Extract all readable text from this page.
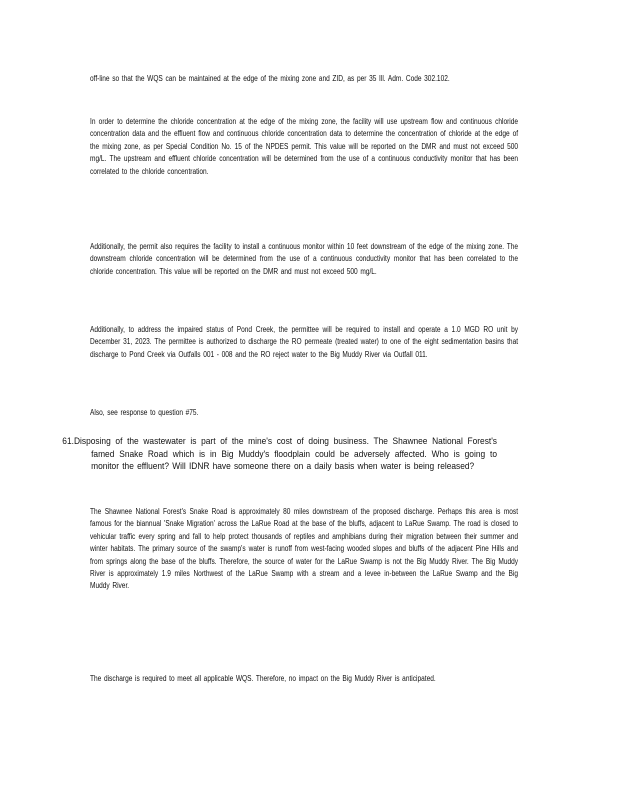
off-line so that the WQS can be maintained at the edge of the mixing zone and ZID, as per 35 Ill. Adm. Code 302.102.

In order to determine the chloride concentration at the edge of the mixing zone, the facility will use upstream flow and continuous chloride concentration data and the effluent flow and continuous chloride concentration data to determine the concentration of chloride at the edge of the mixing zone, as per Special Condition No. 15 of the NPDES permit. This value will be reported on the DMR and must not exceed 500 mg/L. The upstream and effluent chloride concentration will be determined from the use of a continuous conductivity monitor that has been correlated to the chloride concentration.

Additionally, the permit also requires the facility to install a continuous monitor within 10 feet downstream of the edge of the mixing zone. The downstream chloride concentration will be determined from the use of a continuous conductivity monitor that has been correlated to the chloride concentration. This value will be reported on the DMR and must not exceed 500 mg/L.

Additionally, to address the impaired status of Pond Creek, the permittee will be required to install and operate a 1.0 MGD RO unit by December 31, 2023. The permittee is authorized to discharge the RO permeate (treated water) to one of the eight sedimentation basins that discharge to Pond Creek via Outfalls 001 - 008 and the RO reject water to the Big Muddy River via Outfall 011.

Also, see response to question #75.

61. Disposing of the wastewater is part of the mine's cost of doing business. The Shawnee National Forest's famed Snake Road which is in Big Muddy's floodplain could be adversely affected. Who is going to monitor the effluent? Will IDNR have someone there on a daily basis when water is being released?

The Shawnee National Forest's Snake Road is approximately 80 miles downstream of the proposed discharge. Perhaps this area is most famous for the biannual 'Snake Migration' across the LaRue Road at the base of the bluffs, adjacent to LaRue Swamp. The road is closed to vehicular traffic every spring and fall to help protect thousands of reptiles and amphibians during their migration between their summer and winter habitats. The primary source of the swamp's water is runoff from west-facing wooded slopes and bluffs of the adjacent Pine Hills and from springs along the base of the bluffs. Therefore, the source of water for the LaRue Swamp is not the Big Muddy River. The Big Muddy River is approximately 1.9 miles Northwest of the LaRue Swamp with a stream and a levee in-between the LaRue Swamp and the Big Muddy River.

The discharge is required to meet all applicable WQS. Therefore, no impact on the Big Muddy River is anticipated.
